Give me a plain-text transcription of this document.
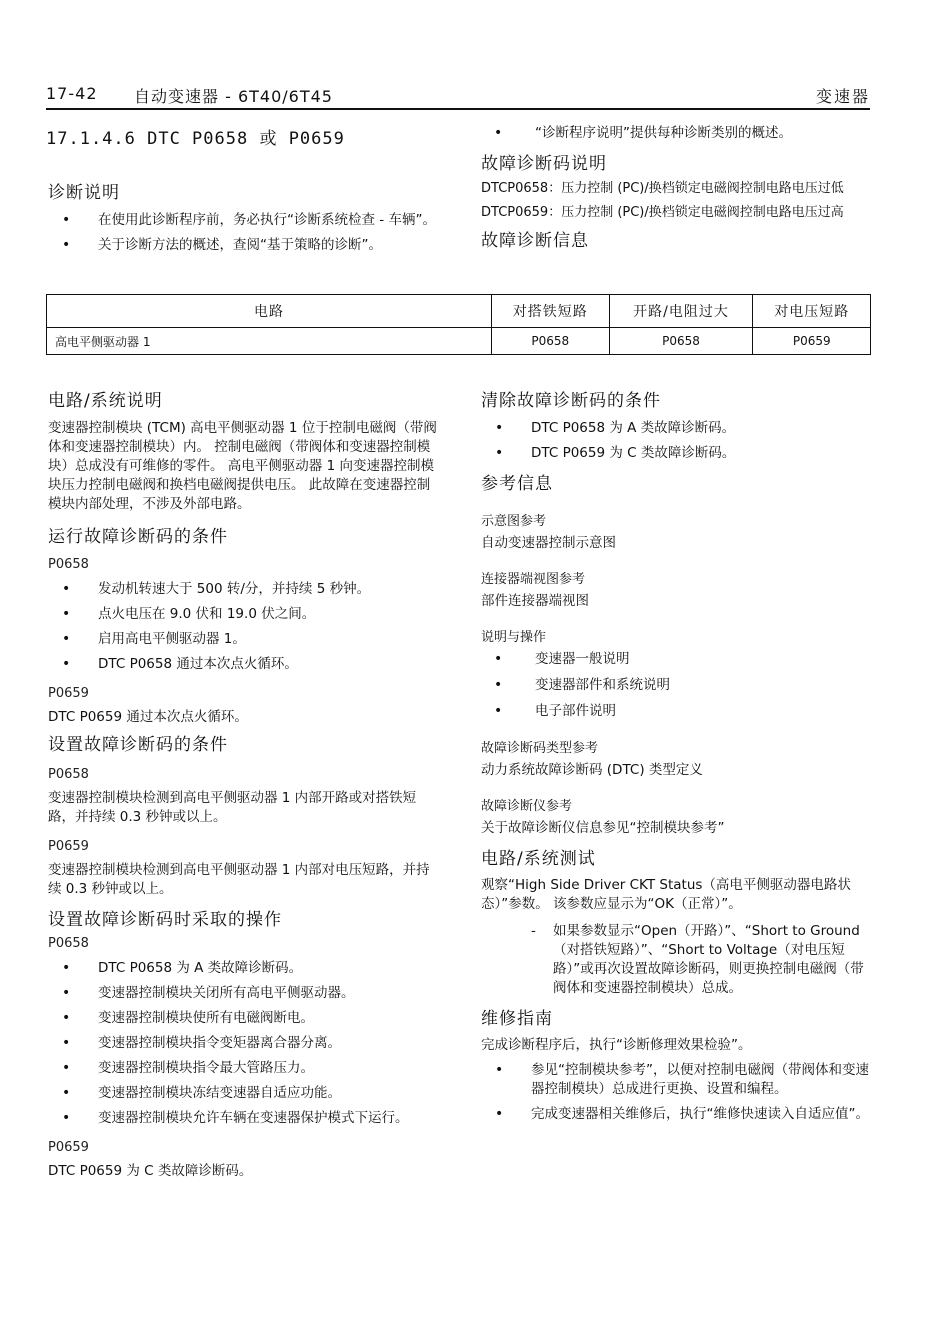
17-42 自动变速器 - 6T40/6T45	变速器
17.1.4.6 DTC P0658 或 P0659
诊断说明
• 在使用此诊断程序前，务必执行“诊断系统检查 - 车辆”。
• 关于诊断方法的概述，查阅“基于策略的诊断”。
• “诊断程序说明”提供每种诊断类别的概述。
故障诊断码说明
DTCP0658：压力控制 (PC)/换档锁定电磁阀控制电路电压过低
DTCP0659：压力控制 (PC)/换档锁定电磁阀控制电路电压过高
故障诊断信息
电路	对搭铁短路	开路/电阻过大	对电压短路
高电平侧驱动器 1	P0658	P0658	P0659
电路/系统说明
变速器控制模块 (TCM) 高电平侧驱动器 1 位于控制电磁阀（带阀体和变速器控制模块）内。 控制电磁阀（带阀体和变速器控制模块）总成没有可维修的零件。 高电平侧驱动器 1 向变速器控制模块压力控制电磁阀和换档电磁阀提供电压。 此故障在变速器控制模块内部处理，不涉及外部电路。
运行故障诊断码的条件
P0658
• 发动机转速大于 500 转/分，并持续 5 秒钟。
• 点火电压在 9.0 伏和 19.0 伏之间。
• 启用高电平侧驱动器 1。
• DTC P0658 通过本次点火循环。
P0659
DTC P0659 通过本次点火循环。
设置故障诊断码的条件
P0658
变速器控制模块检测到高电平侧驱动器 1 内部开路或对搭铁短路，并持续 0.3 秒钟或以上。
P0659
变速器控制模块检测到高电平侧驱动器 1 内部对电压短路，并持续 0.3 秒钟或以上。
设置故障诊断码时采取的操作
P0658
• DTC P0658 为 A 类故障诊断码。
• 变速器控制模块关闭所有高电平侧驱动器。
• 变速器控制模块使所有电磁阀断电。
• 变速器控制模块指令变矩器离合器分离。
• 变速器控制模块指令最大管路压力。
• 变速器控制模块冻结变速器自适应功能。
• 变速器控制模块允许车辆在变速器保护模式下运行。
P0659
DTC P0659 为 C 类故障诊断码。
清除故障诊断码的条件
• DTC P0658 为 A 类故障诊断码。
• DTC P0659 为 C 类故障诊断码。
参考信息
示意图参考
自动变速器控制示意图
连接器端视图参考
部件连接器端视图
说明与操作
• 变速器一般说明
• 变速器部件和系统说明
• 电子部件说明
故障诊断码类型参考
动力系统故障诊断码 (DTC) 类型定义
故障诊断仪参考
关于故障诊断仪信息参见“控制模块参考”
电路/系统测试
观察“High Side Driver CKT Status（高电平侧驱动器电路状态）”参数。 该参数应显示为“OK（正常）”。
- 如果参数显示“Open（开路）”、“Short to Ground（对搭铁短路）”、“Short to Voltage（对电压短路）”或再次设置故障诊断码，则更换控制电磁阀（带阀体和变速器控制模块）总成。
维修指南
完成诊断程序后，执行“诊断修理效果检验”。
• 参见“控制模块参考”，以便对控制电磁阀（带阀体和变速器控制模块）总成进行更换、设置和编程。
• 完成变速器相关维修后，执行“维修快速读入自适应值”。
